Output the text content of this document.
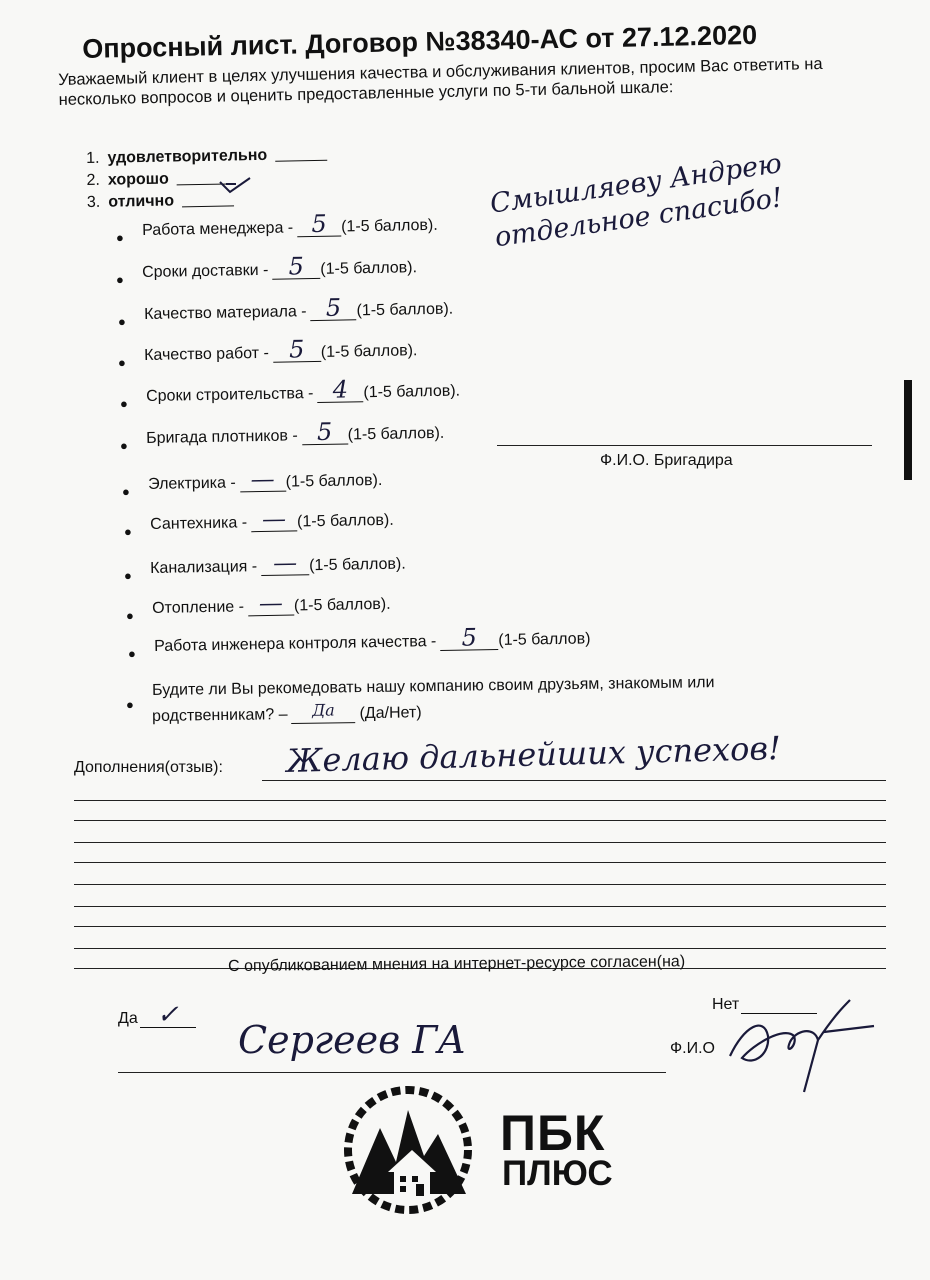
Опросный лист. Договор №38340-АС от 27.12.2020
Уважаемый клиент в целях улучшения качества и обслуживания клиентов, просим Вас ответить на несколько вопросов и оценить предоставленные услуги по 5-ти бальной шкале:
1. удовлетворительно
2. хорошо
3. отлично
● Работа менеджера - 5 (1-5 баллов).
● Сроки доставки - 5	(1-5 баллов).
● Качество материала - 5 (1-5 баллов).
● Качество работ - 5	(1-5 баллов).
● Сроки строительства - 4 (1-5 баллов).
● Бригада плотников - 5 (1-5 баллов).
● Электрика - — (1-5 баллов).
● Сантехника - — (1-5 баллов).
● Канализация - — (1-5 баллов).
● Отопление - — (1-5 баллов).
● Работа инженера контроля качества -	5	(1-5 баллов)
Смышляеву Андрею отдельное спасибо!
Ф.И.О. Бригадира
●
Будите ли Вы рекомедовать нашу компанию своим друзьям, знакомым или
родственникам? –	Да	(Да/Нет)
Дополнения(отзыв): Желаю дальнейших успехов!
С опубликованием мнения на интернет-ресурсе согласен(на)
Да ✓	Нет
Сергеев ГА	Ф.И.О
ПБК
ПЛЮС
